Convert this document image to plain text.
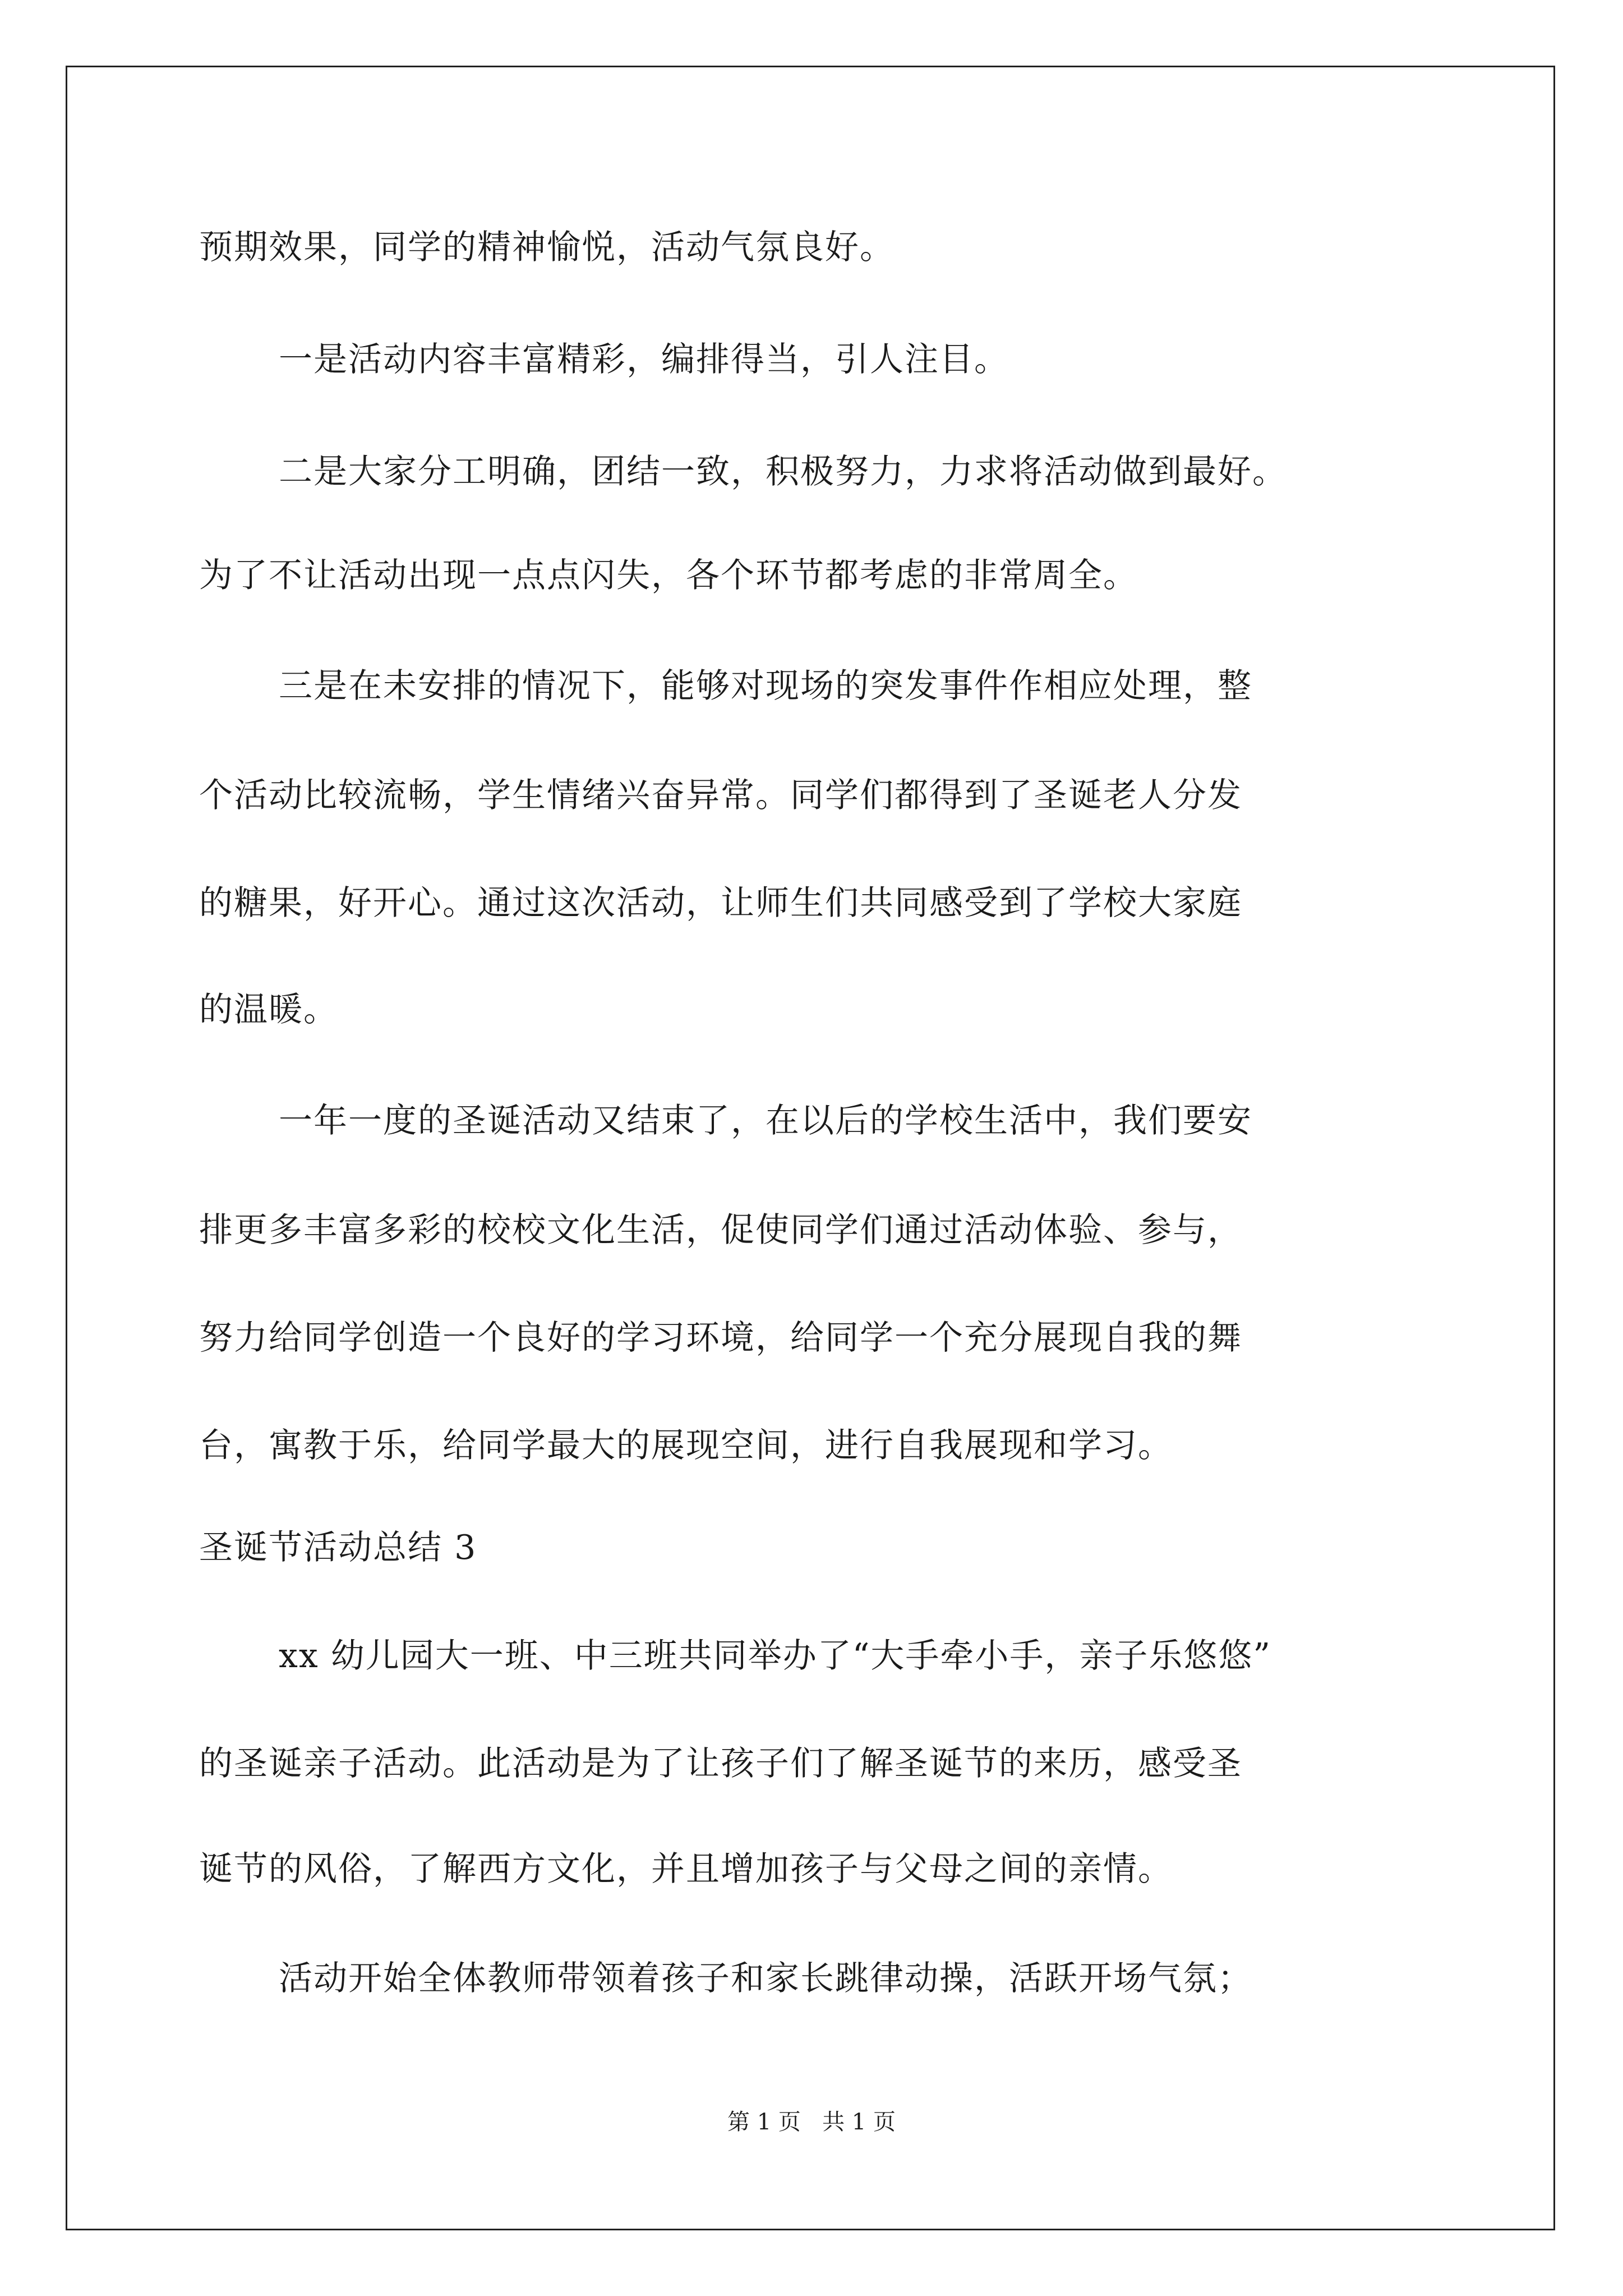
预期效果，同学的精神愉悦，活动气氛良好。
一是活动内容丰富精彩，编排得当，引人注目。
二是大家分工明确，团结一致，积极努力，力求将活动做到最好。
为了不让活动出现一点点闪失，各个环节都考虑的非常周全。
三是在未安排的情况下，能够对现场的突发事件作相应处理，整
个活动比较流畅，学生情绪兴奋异常。同学们都得到了圣诞老人分发
的糖果，好开心。通过这次活动，让师生们共同感受到了学校大家庭
的温暖。
一年一度的圣诞活动又结束了，在以后的学校生活中，我们要安
排更多丰富多彩的校校文化生活，促使同学们通过活动体验、参与，
努力给同学创造一个良好的学习环境，给同学一个充分展现自我的舞
台，寓教于乐，给同学最大的展现空间，进行自我展现和学习。
圣诞节活动总结 3
xx 幼儿园大一班、中三班共同举办了“大手牵小手，亲子乐悠悠”
的圣诞亲子活动。此活动是为了让孩子们了解圣诞节的来历，感受圣
诞节的风俗，了解西方文化，并且增加孩子与父母之间的亲情。
活动开始全体教师带领着孩子和家长跳律动操，活跃开场气氛；
第 1 页   共 1 页
